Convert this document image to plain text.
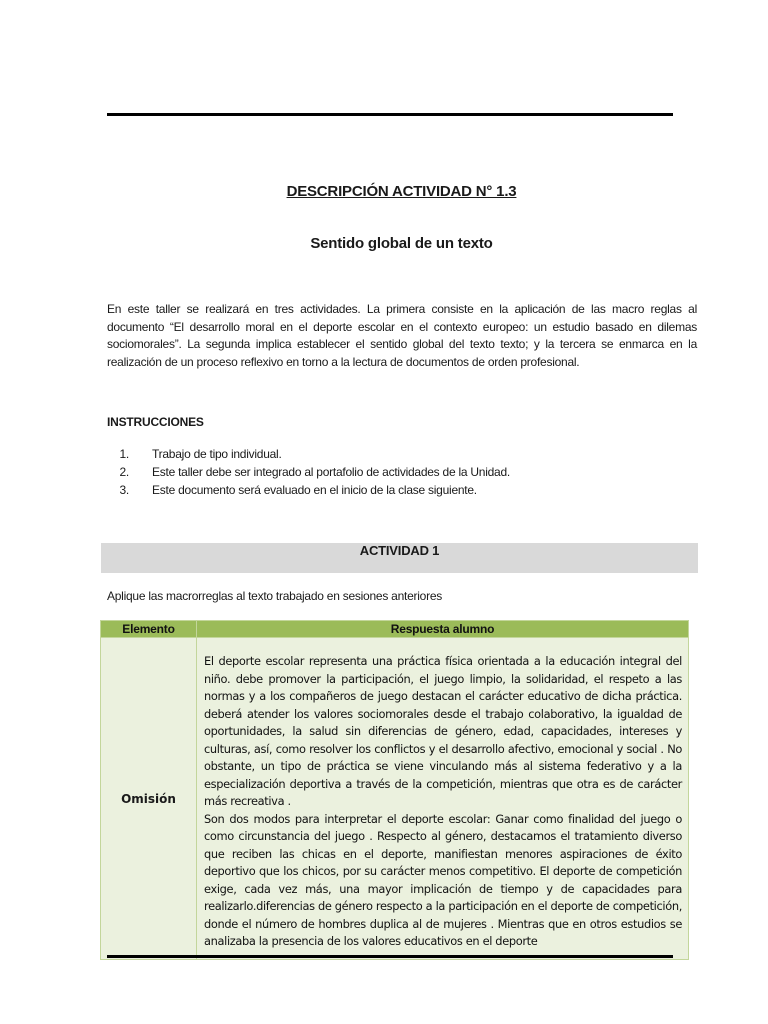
DESCRIPCIÓN ACTIVIDAD N° 1.3
Sentido global de un texto
En este taller se realizará en tres actividades. La primera consiste en la aplicación de las macro reglas al documento “El desarrollo moral en el deporte escolar en el contexto europeo: un estudio basado en dilemas sociomorales”. La segunda implica establecer el sentido global del texto texto; y la tercera se enmarca en la realización de un proceso reflexivo en torno a la lectura de documentos de orden profesional.
INSTRUCCIONES
1. Trabajo de tipo individual.
2. Este taller debe ser integrado al portafolio de actividades de la Unidad.
3. Este documento será evaluado en el inicio de la clase siguiente.
ACTIVIDAD 1
Aplique las macrorreglas al texto trabajado en sesiones anteriores
Elemento	Respuesta alumno
Omisión	El deporte escolar representa una práctica física orientada a la educación integral del niño. debe promover la participación, el juego limpio, la solidaridad, el respeto a las normas y a los compañeros de juego destacan el carácter educativo de dicha práctica. deberá atender los valores sociomorales desde el trabajo colaborativo, la igualdad de oportunidades, la salud sin diferencias de género, edad, capacidades, intereses y culturas, así, como resolver los conflictos y el desarrollo afectivo, emocional y social . No obstante, un tipo de práctica se viene vinculando más al sistema federativo y a la especialización deportiva a través de la competición, mientras que otra es de carácter más recreativa .

Son dos modos para interpretar el deporte escolar: Ganar como finalidad del juego o como circunstancia del juego . Respecto al género, destacamos el tratamiento diverso que reciben las chicas en el deporte, manifiestan menores aspiraciones de éxito deportivo que los chicos, por su carácter menos competitivo. El deporte de competición exige, cada vez más, una mayor implicación de tiempo y de capacidades para realizarlo.diferencias de género respecto a la participación en el deporte de competición, donde el número de hombres duplica al de mujeres . Mientras que en otros estudios se analizaba la presencia de los valores educativos en el deporte
